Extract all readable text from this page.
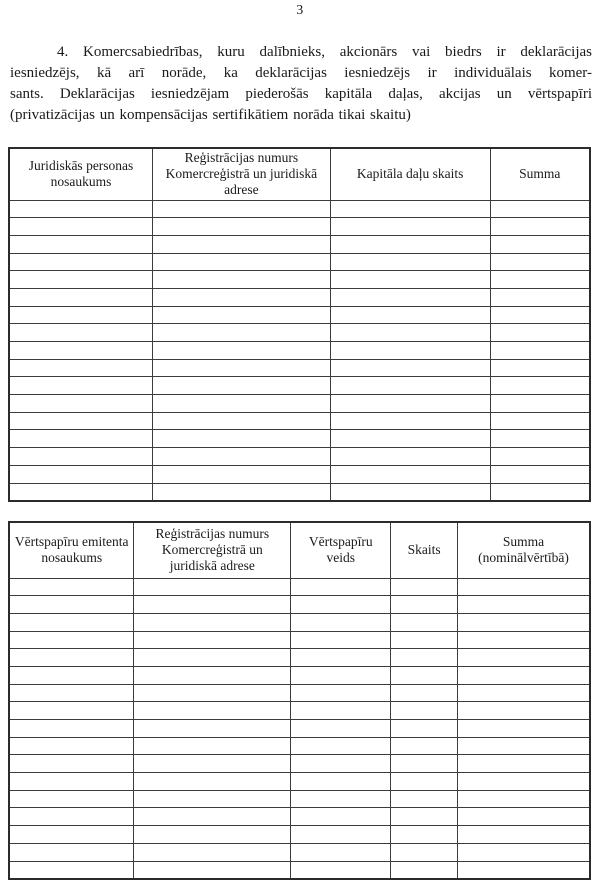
3
4. Komercsabiedrības, kuru dalībnieks, akcionārs vai biedrs ir deklarācijas
iesniedzējs, kā arī norāde, ka deklarācijas iesniedzējs ir individuālais komer-
sants. Deklarācijas iesniedzējam piederošās kapitāla daļas, akcijas un vērtspapīri
(privatizācijas un kompensācijas sertifikātiem norāda tikai skaitu)
Juridiskās personas nosaukums	Reģistrācijas numurs Komercreģistrā un juridiskā adrese	Kapitāla daļu skaits	Summa

Vērtspapīru emitenta nosaukums	Reģistrācijas numurs Komercreģistrā un juridiskā adrese	Vērtspapīru veids	Skaits	Summa (nominālvērtībā)
